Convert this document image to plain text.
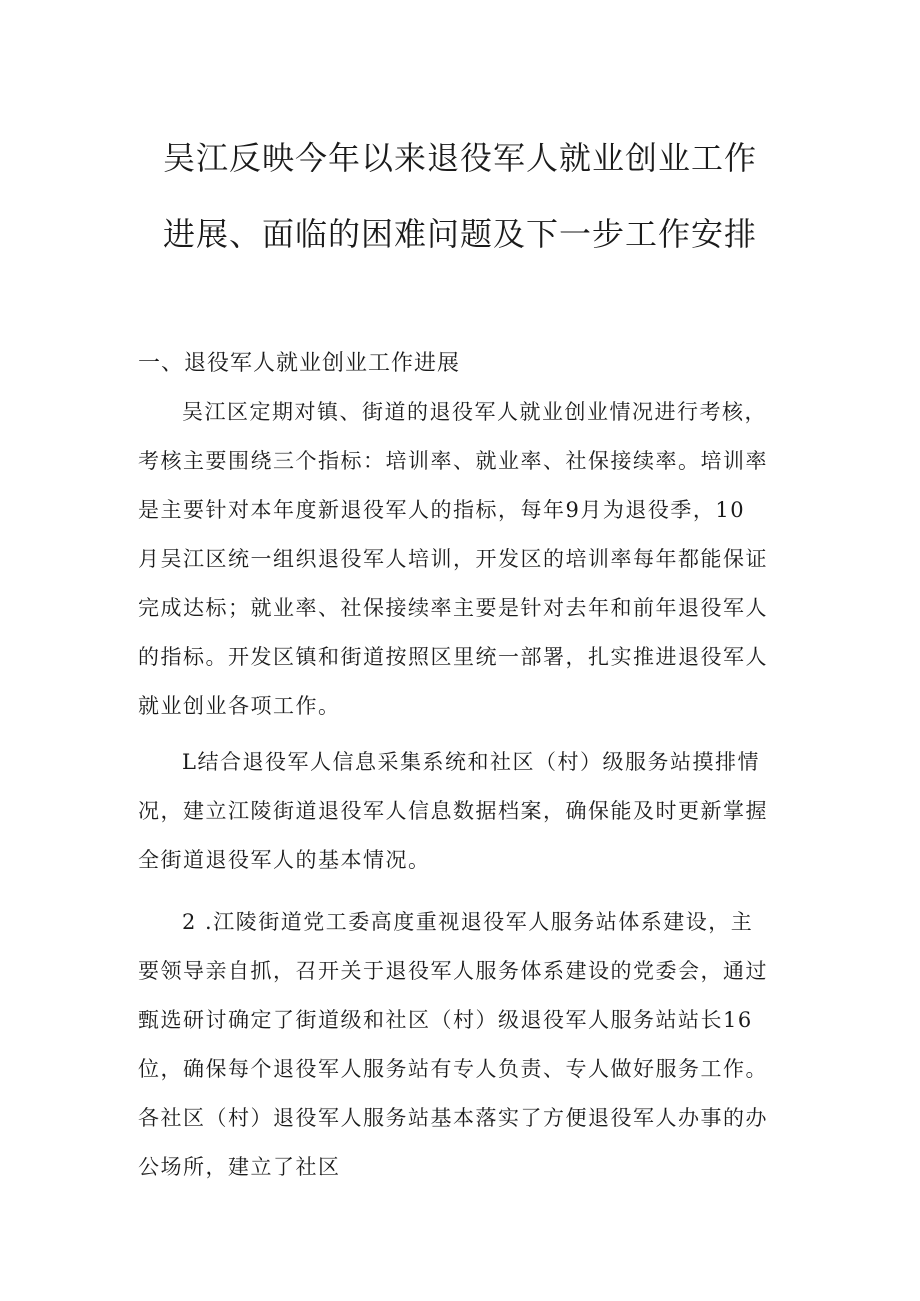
吴江反映今年以来退役军人就业创业工作
进展、面临的困难问题及下一步工作安排
一、退役军人就业创业工作进展
吴江区定期对镇、街道的退役军人就业创业情况进行考核，
考核主要围绕三个指标：培训率、就业率、社保接续率。培训率
是主要针对本年度新退役军人的指标，每年9月为退役季，10
月吴江区统一组织退役军人培训，开发区的培训率每年都能保证
完成达标；就业率、社保接续率主要是针对去年和前年退役军人
的指标。开发区镇和街道按照区里统一部署，扎实推进退役军人
就业创业各项工作。
L结合退役军人信息采集系统和社区（村）级服务站摸排情
况，建立江陵街道退役军人信息数据档案，确保能及时更新掌握
全街道退役军人的基本情况。
2 .江陵街道党工委高度重视退役军人服务站体系建设，主
要领导亲自抓，召开关于退役军人服务体系建设的党委会，通过
甄选研讨确定了街道级和社区（村）级退役军人服务站站长16
位，确保每个退役军人服务站有专人负责、专人做好服务工作。
各社区（村）退役军人服务站基本落实了方便退役军人办事的办
公场所，建立了社区
